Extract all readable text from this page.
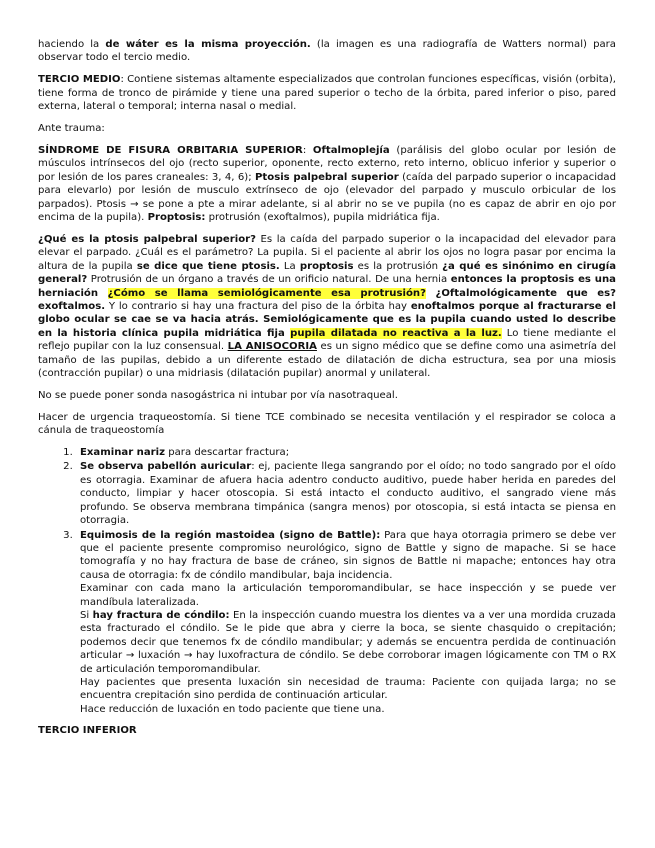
haciendo la de wáter es la misma proyección. (la imagen es una radiografía de Watters normal) para observar todo el tercio medio.

TERCIO MEDIO: Contiene sistemas altamente especializados que controlan funciones específicas, visión (orbita), tiene forma de tronco de pirámide y tiene una pared superior o techo de la órbita, pared inferior o piso, pared externa, lateral o temporal; interna nasal o medial.

Ante trauma:

SÍNDROME DE FISURA ORBITARIA SUPERIOR: Oftalmoplejía (parálisis del globo ocular por lesión de músculos intrínsecos del ojo (recto superior, oponente, recto externo, reto interno, oblicuo inferior y superior o por lesión de los pares craneales: 3, 4, 6); Ptosis palpebral superior (caída del parpado superior o incapacidad para elevarlo) por lesión de musculo extrínseco de ojo (elevador del parpado y musculo orbicular de los parpados). Ptosis → se pone a pte a mirar adelante, si al abrir no se ve pupila (no es capaz de abrir en ojo por encima de la pupila). Proptosis: protrusión (exoftalmos), pupila midriática fija.

¿Qué es la ptosis palpebral superior? Es la caída del parpado superior o la incapacidad del elevador para elevar el parpado. ¿Cuál es el parámetro? La pupila. Si el paciente al abrir los ojos no logra pasar por encima la altura de la pupila se dice que tiene ptosis. La proptosis es la protrusión ¿a qué es sinónimo en cirugía general? Protrusión de un órgano a través de un orificio natural. De una hernia entonces la proptosis es una herniación ¿Cómo se llama semiológicamente esa protrusión? ¿Oftalmológicamente que es? exoftalmos. Y lo contrario si hay una fractura del piso de la órbita hay enoftalmos porque al fracturarse el globo ocular se cae se va hacia atrás. Semiológicamente que es la pupila cuando usted lo describe en la historia clínica pupila midriática fija pupila dilatada no reactiva a la luz. Lo tiene mediante el reflejo pupilar con la luz consensual. LA ANISOCORIA es un signo médico que se define como una asimetría del tamaño de las pupilas, debido a un diferente estado de dilatación de dicha estructura, sea por una miosis (contracción pupilar) o una midriasis (dilatación pupilar) anormal y unilateral.

No se puede poner sonda nasogástrica ni intubar por vía nasotraqueal.

Hacer de urgencia traqueostomía. Si tiene TCE combinado se necesita ventilación y el respirador se coloca a cánula de traqueostomía

1. Examinar nariz para descartar fractura;
2. Se observa pabellón auricular: ej, paciente llega sangrando por el oído; no todo sangrado por el oído es otorragia. Examinar de afuera hacia adentro conducto auditivo, puede haber herida en paredes del conducto, limpiar y hacer otoscopia. Si está intacto el conducto auditivo, el sangrado viene más profundo. Se observa membrana timpánica (sangra menos) por otoscopia, si está intacta se piensa en otorragia.
3. Equimosis de la región mastoidea (signo de Battle): Para que haya otorragia primero se debe ver que el paciente presente compromiso neurológico, signo de Battle y signo de mapache. Si se hace tomografía y no hay fractura de base de cráneo, sin signos de Battle ni mapache; entonces hay otra causa de otorragia: fx de cóndilo mandibular, baja incidencia.
Examinar con cada mano la articulación temporomandibular, se hace inspección y se puede ver mandíbula lateralizada.
Si hay fractura de cóndilo: En la inspección cuando muestra los dientes va a ver una mordida cruzada esta fracturado el cóndilo. Se le pide que abra y cierre la boca, se siente chasquido o crepitación; podemos decir que tenemos fx de cóndilo mandibular; y además se encuentra perdida de continuación articular → luxación → hay luxofractura de cóndilo. Se debe corroborar imagen lógicamente con TM o RX de articulación temporomandibular.
Hay pacientes que presenta luxación sin necesidad de trauma: Paciente con quijada larga; no se encuentra crepitación sino perdida de continuación articular.
Hace reducción de luxación en todo paciente que tiene una.
TERCIO INFERIOR
